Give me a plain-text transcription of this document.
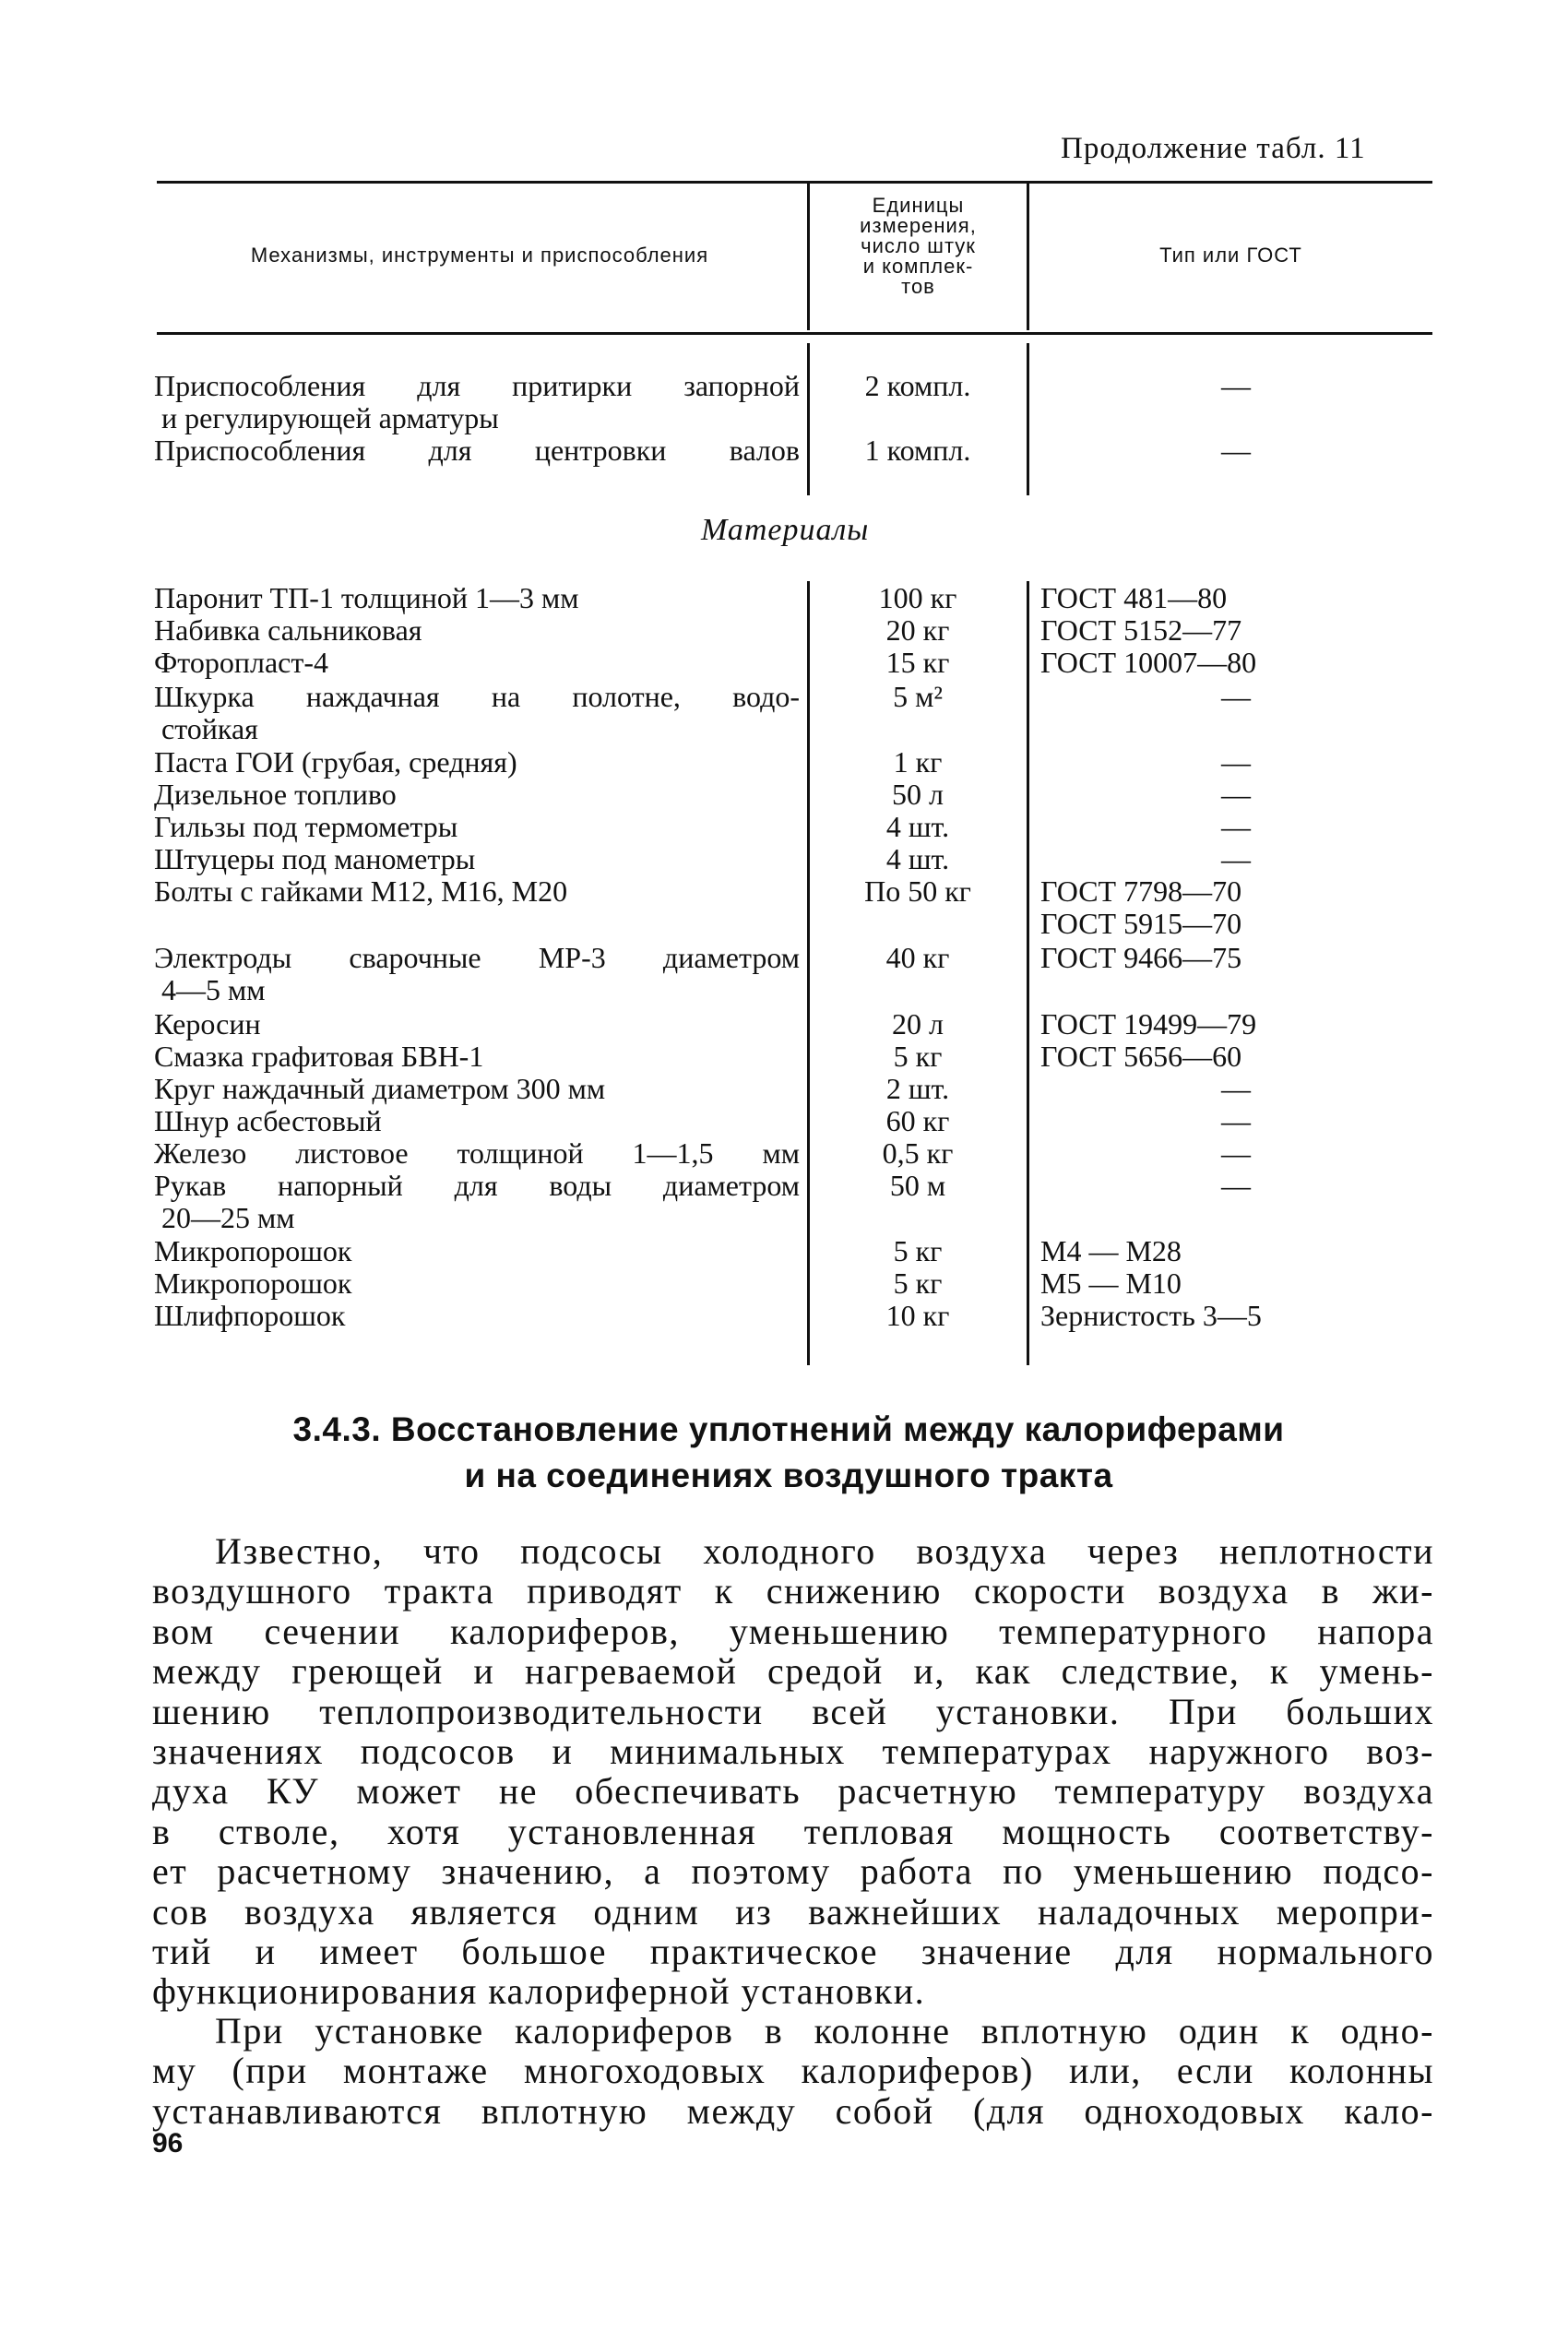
Продолжение табл. 11
Механизмы, инструменты и приспособления
Единицы
измерения,
число штук
и комплек-
тов
Тип или ГОСТ
Приспособления для притирки запорной
и регулирующей арматуры
2 компл.	—
Приспособления для центровки валов	1 компл.	—
Материалы
Паронит ТП-1 толщиной 1—3 мм	100 кг	ГОСТ 481—80
Набивка сальниковая	20 кг	ГОСТ 5152—77
Фторопласт-4	15 кг	ГОСТ 10007—80
Шкурка наждачная на полотне, водо-
стойкая
5 м²	—
Паста ГОИ (грубая, средняя)	1 кг	—
Дизельное топливо	50 л	—
Гильзы под термометры	4 шт.	—
Штуцеры под манометры	4 шт.	—
Болты с гайками М12, М16, М20	По 50 кг	ГОСТ 7798—70
ГОСТ 5915—70
Электроды сварочные МР-3 диаметром
4—5 мм
40 кг	ГОСТ 9466—75
Керосин	20 л	ГОСТ 19499—79
Смазка графитовая БВН-1	5 кг	ГОСТ 5656—60
Круг наждачный диаметром 300 мм	2 шт.	—
Шнур асбестовый	60 кг	—
Железо листовое толщиной 1—1,5 мм	0,5 кг	—
Рукав напорный для воды диаметром
20—25 мм
50 м	—
Микропорошок	5 кг	М4 — М28
Микропорошок	5 кг	М5 — М10
Шлифпорошок	10 кг	Зернистость 3—5
3.4.3. Восстановление уплотнений между калориферами
и на соединениях воздушного тракта
Известно, что подсосы холодного воздуха через неплотности
воздушного тракта приводят к снижению скорости воздуха в жи-
вом сечении калориферов, уменьшению температурного напора
между греющей и нагреваемой средой и, как следствие, к умень-
шению теплопроизводительности всей установки. При больших
значениях подсосов и минимальных температурах наружного воз-
духа КУ может не обеспечивать расчетную температуру воздуха
в стволе, хотя установленная тепловая мощность соответству-
ет расчетному значению, а поэтому работа по уменьшению подсо-
сов воздуха является одним из важнейших наладочных меропри-
тий и имеет большое практическое значение для нормального
функционирования калориферной установки.
При установке калориферов в колонне вплотную один к одно-
му (при монтаже многоходовых калориферов) или, если колонны
устанавливаются вплотную между собой (для одноходовых кало-
96
